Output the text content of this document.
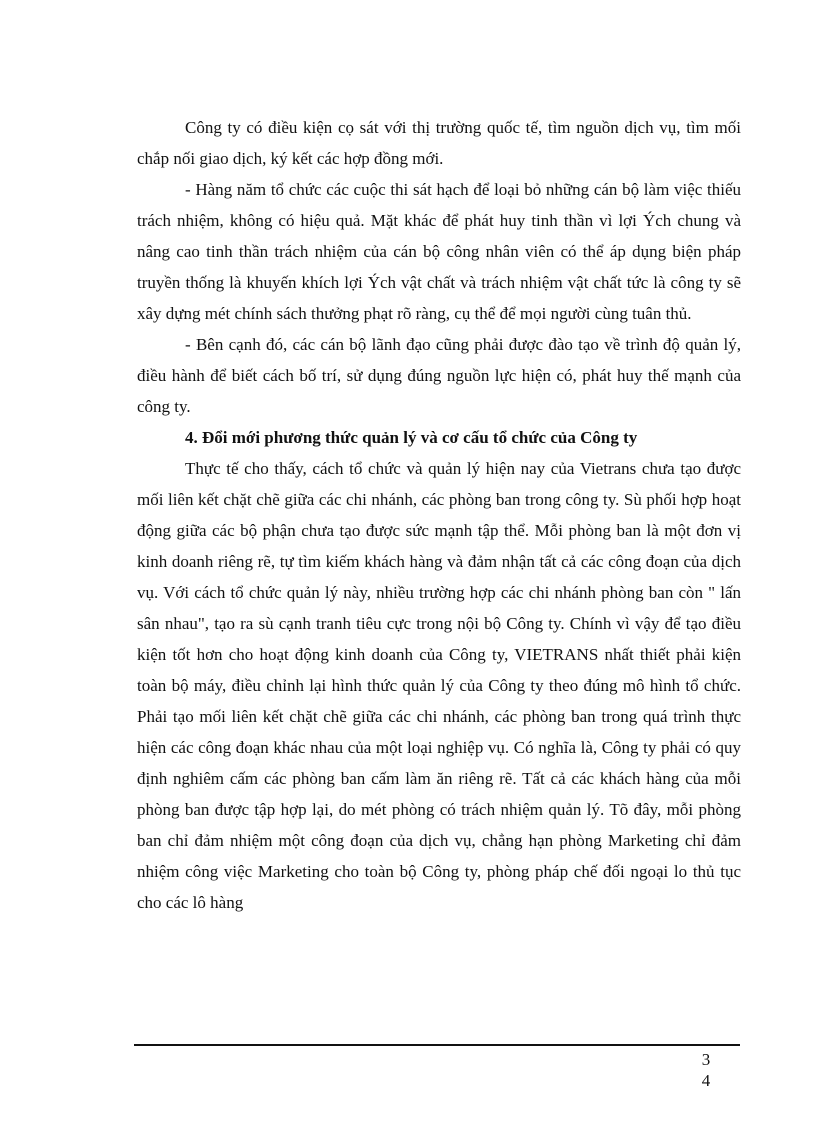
Công ty có điều kiện cọ sát với thị trường quốc tế, tìm nguồn dịch vụ, tìm mối chắp nối giao dịch, ký kết các hợp đồng mới.

- Hàng năm tổ chức các cuộc thi sát hạch để loại bỏ những cán bộ làm việc thiếu trách nhiệm, không có hiệu quả. Mặt khác để phát huy tinh thần vì lợi Ých chung và nâng cao tinh thần trách nhiệm của cán bộ công nhân viên có thể áp dụng biện pháp truyền thống là khuyến khích lợi Ých vật chất và trách nhiệm vật chất tức là công ty sẽ xây dựng mét chính sách thưởng phạt rõ ràng, cụ thể để mọi người cùng tuân thủ.

- Bên cạnh đó, các cán bộ lãnh đạo cũng phải được đào tạo về trình độ quản lý, điều hành để biết cách bố trí, sử dụng đúng nguồn lực hiện có, phát huy thế mạnh của công ty.

4. Đổi mới phương thức quản lý và cơ cấu tổ chức của Công ty

Thực tế cho thấy, cách tổ chức và quản lý hiện nay của Vietrans chưa tạo được mối liên kết chặt chẽ giữa các chi nhánh, các phòng ban trong công ty. Sù phối hợp hoạt động giữa các bộ phận chưa tạo được sức mạnh tập thể. Mỗi phòng ban là một đơn vị kinh doanh riêng rẽ, tự tìm kiếm khách hàng và đảm nhận tất cả các công đoạn của dịch vụ. Với cách tổ chức quản lý này, nhiều trường hợp các chi nhánh phòng ban còn " lấn sân nhau", tạo ra sù cạnh tranh tiêu cực trong nội bộ Công ty. Chính vì vậy để tạo điều kiện tốt hơn cho hoạt động kinh doanh của Công ty, VIETRANS nhất thiết phải kiện toàn bộ máy, điều chỉnh lại hình thức quản lý của Công ty theo đúng mô hình tổ chức. Phải tạo mối liên kết chặt chẽ giữa các chi nhánh, các phòng ban trong quá trình thực hiện các công đoạn khác nhau của một loại nghiệp vụ. Có nghĩa là, Công ty phải có quy định nghiêm cấm các phòng ban cấm làm ăn riêng rẽ. Tất cả các khách hàng của mỗi phòng ban được tập hợp lại, do mét phòng có trách nhiệm quản lý. Tõ đây, mỗi phòng ban chỉ đảm nhiệm một công đoạn của dịch vụ, chẳng hạn phòng Marketing chỉ đảm nhiệm công việc Marketing cho toàn bộ Công ty, phòng pháp chế đối ngoại lo thủ tục cho các lô hàng

3
4
